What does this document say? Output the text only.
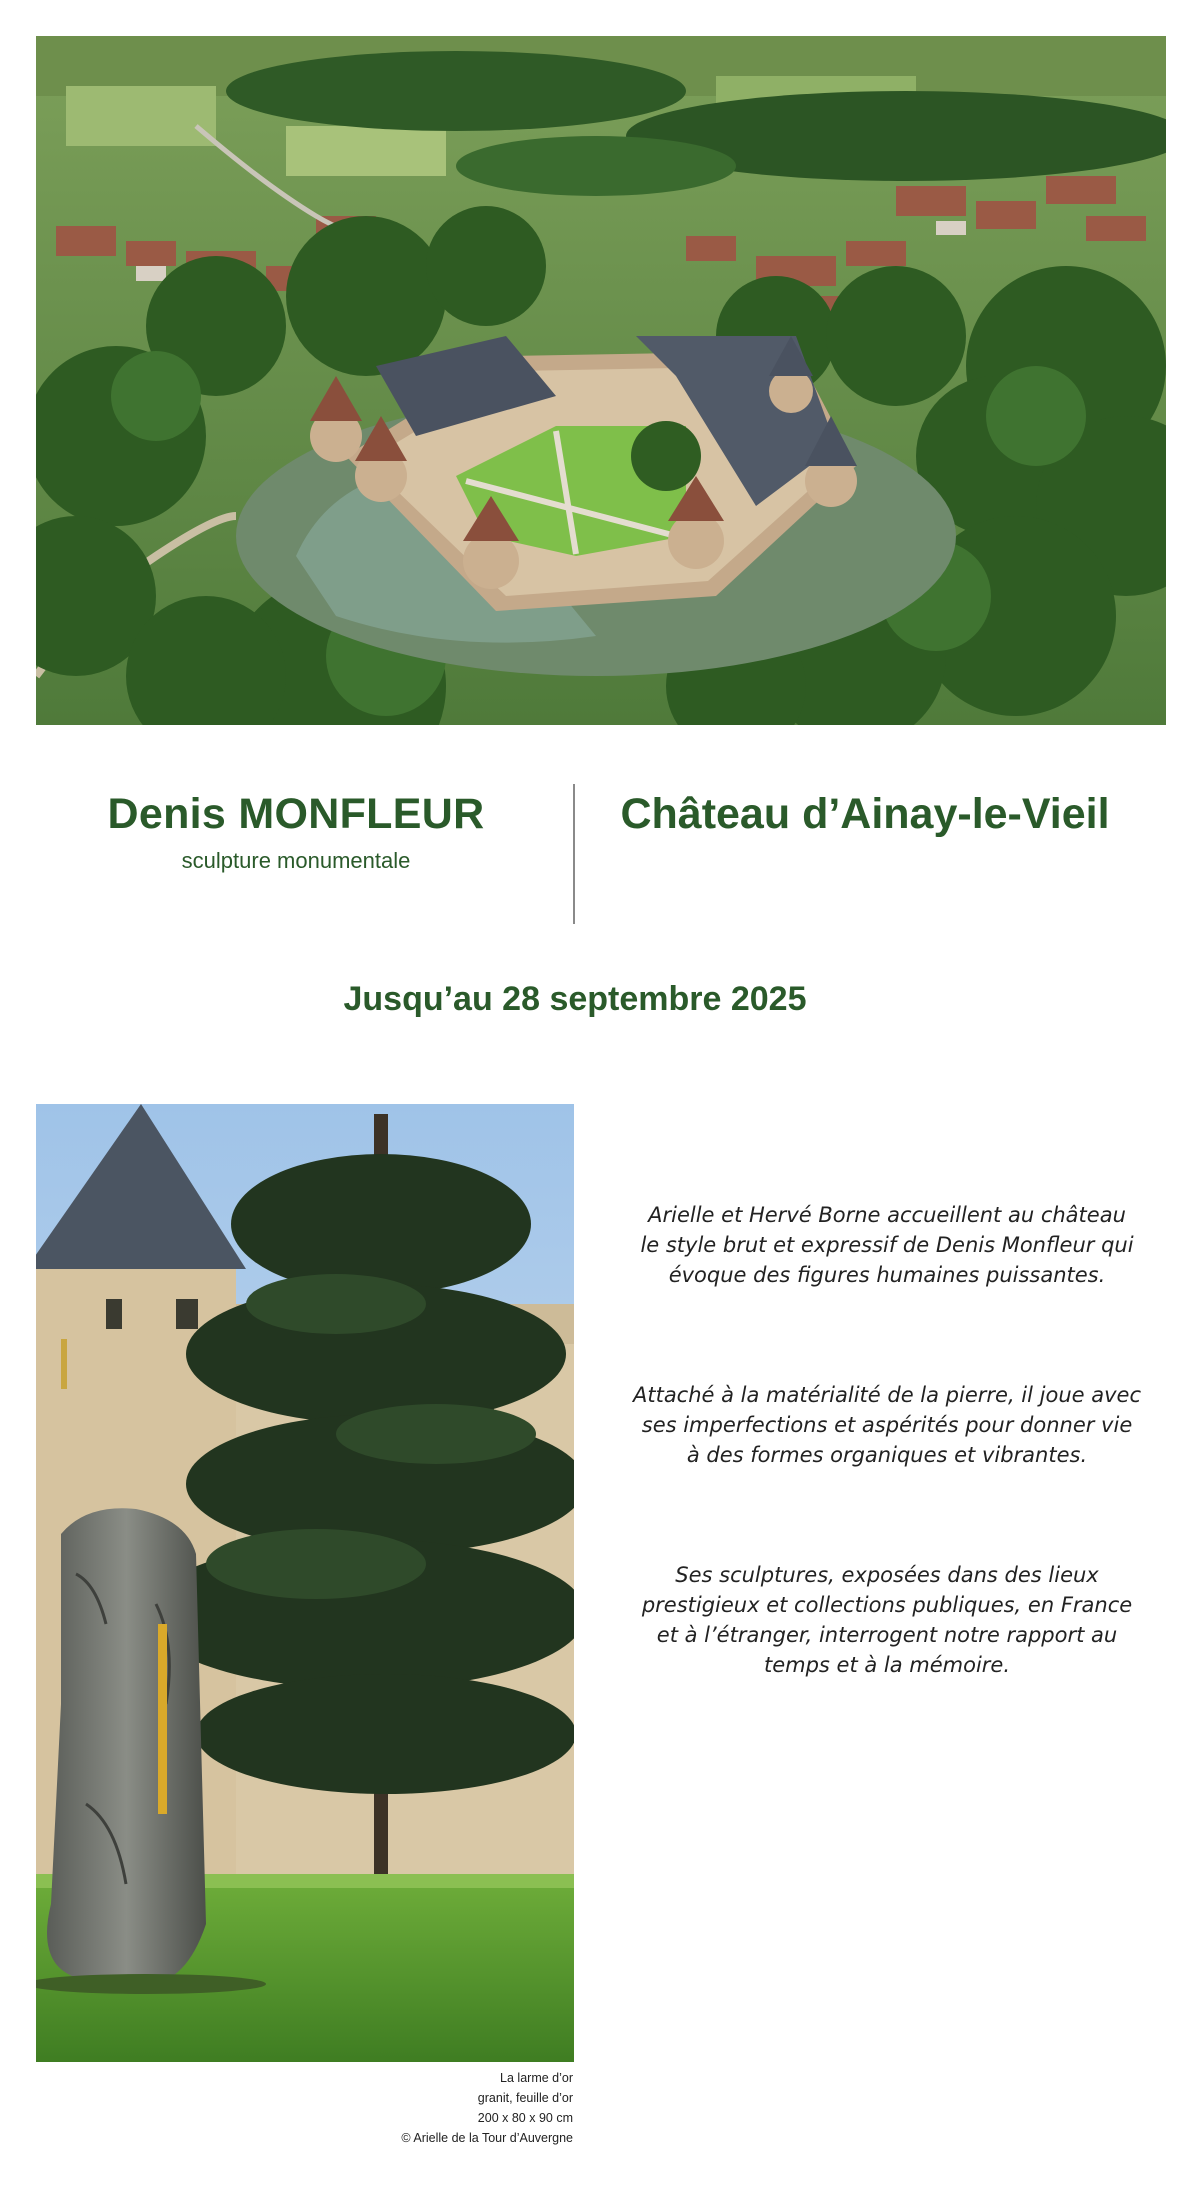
Denis MONFLEUR
sculpture monumentale
Château d’Ainay-le-Vieil
Jusqu’au 28 septembre 2025
La larme d’or
granit, feuille d’or
200 x 80 x 90 cm
© Arielle de la Tour d’Auvergne
Arielle et Hervé Borne accueillent au château
le style brut et expressif de Denis Monfleur qui
évoque des figures humaines puissantes.
Attaché à la matérialité de la pierre, il joue avec
ses imperfections et aspérités pour donner vie
à des formes organiques et vibrantes.
Ses sculptures, exposées dans des lieux
prestigieux et collections publiques, en France
et à l’étranger, interrogent notre rapport au
temps et à la mémoire.
